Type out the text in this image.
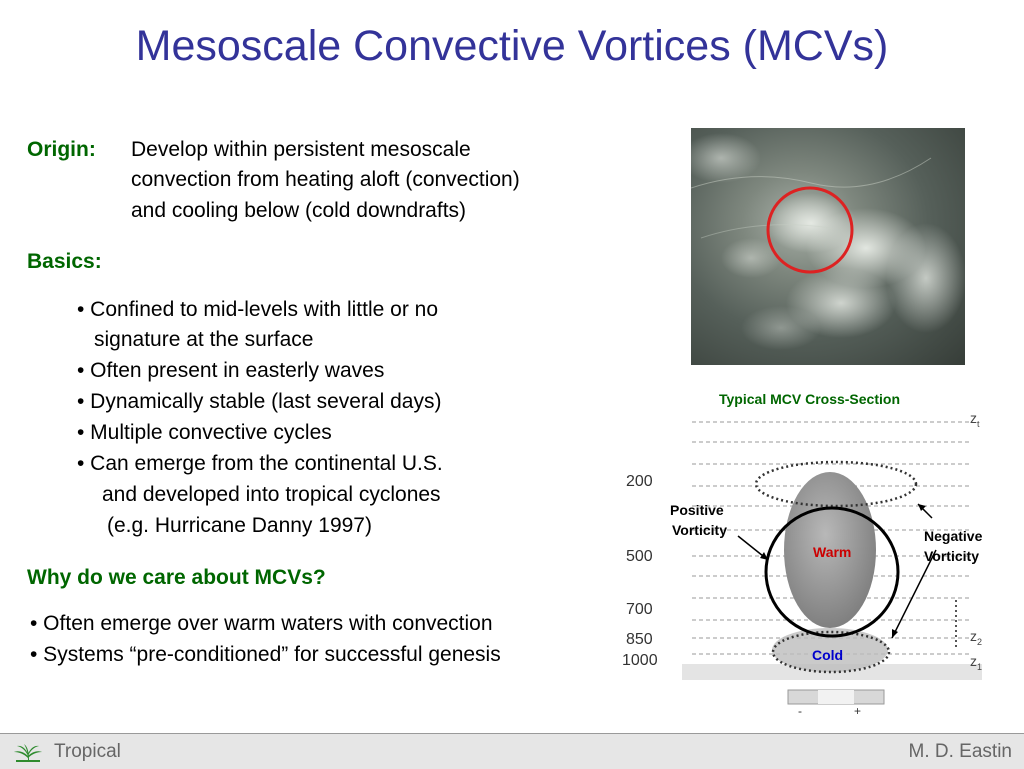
Mesoscale Convective Vortices (MCVs)
Origin: Develop within persistent mesoscale
convection from heating aloft (convection)
and cooling below (cold downdrafts)
Basics:
• Confined to mid-levels with little or no
signature at the surface
• Often present in easterly waves
• Dynamically stable (last several days)
• Multiple convective cycles
• Can emerge from the continental U.S.
and developed into tropical cyclones
(e.g. Hurricane Danny 1997)
Why do we care about MCVs?
• Often emerge over warm waters with convection
• Systems “pre-conditioned” for successful genesis
Typical MCV Cross-Section
200
500
700
850
1000
$z_t$
$z_2$
$z_1$
Positive
Vorticity	Negative
Vorticity
Warm
Cold
-	+
Tropical	M. D. Eastin
